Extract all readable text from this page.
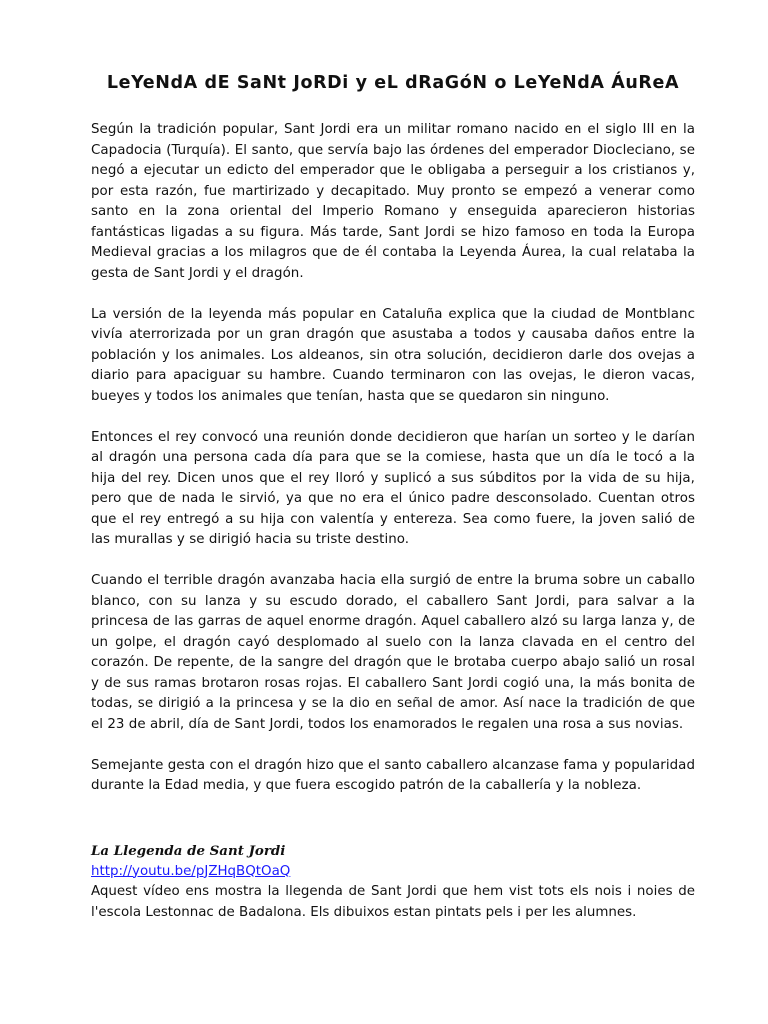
LeYeNdA dE SaNt JoRDi y eL dRaGóN o LeYeNdA ÁuReA

Según la tradición popular, Sant Jordi era un militar romano nacido en el siglo III en la Capadocia (Turquía). El santo, que servía bajo las órdenes del emperador Diocleciano, se negó a ejecutar un edicto del emperador que le obligaba a perseguir a los cristianos y, por esta razón, fue martirizado y decapitado. Muy pronto se empezó a venerar como santo en la zona oriental del Imperio Romano y enseguida aparecieron historias fantásticas ligadas a su figura. Más tarde, Sant Jordi se hizo famoso en toda la Europa Medieval gracias a los milagros que de él contaba la Leyenda Áurea, la cual relataba la gesta de Sant Jordi y el dragón.

La versión de la leyenda más popular en Cataluña explica que la ciudad de Montblanc vivía aterrorizada por un gran dragón que asustaba a todos y causaba daños entre la población y los animales. Los aldeanos, sin otra solución, decidieron darle dos ovejas a diario para apaciguar su hambre. Cuando terminaron con las ovejas, le dieron vacas, bueyes y todos los animales que tenían, hasta que se quedaron sin ninguno.

Entonces el rey convocó una reunión donde decidieron que harían un sorteo y le darían al dragón una persona cada día para que se la comiese, hasta que un día le tocó a la hija del rey. Dicen unos que el rey lloró y suplicó a sus súbditos por la vida de su hija, pero que de nada le sirvió, ya que no era el único padre desconsolado. Cuentan otros que el rey entregó a su hija con valentía y entereza. Sea como fuere, la joven salió de las murallas y se dirigió hacia su triste destino.

Cuando el terrible dragón avanzaba hacia ella surgió de entre la bruma sobre un caballo blanco, con su lanza y su escudo dorado, el caballero Sant Jordi, para salvar a la princesa de las garras de aquel enorme dragón. Aquel caballero alzó su larga lanza y, de un golpe, el dragón cayó desplomado al suelo con la lanza clavada en el centro del corazón. De repente, de la sangre del dragón que le brotaba cuerpo abajo salió un rosal y de sus ramas brotaron rosas rojas. El caballero Sant Jordi cogió una, la más bonita de todas, se dirigió a la princesa y se la dio en señal de amor. Así nace la tradición de que el 23 de abril, día de Sant Jordi, todos los enamorados le regalen una rosa a sus novias.

Semejante gesta con el dragón hizo que el santo caballero alcanzase fama y popularidad durante la Edad media, y que fuera escogido patrón de la caballería y la nobleza.

La Llegenda de Sant Jordi

http://youtu.be/pJZHqBQtOaQ

Aquest vídeo ens mostra la llegenda de Sant Jordi que hem vist tots els nois i noies de l'escola Lestonnac de Badalona. Els dibuixos estan pintats pels i per les alumnes.
